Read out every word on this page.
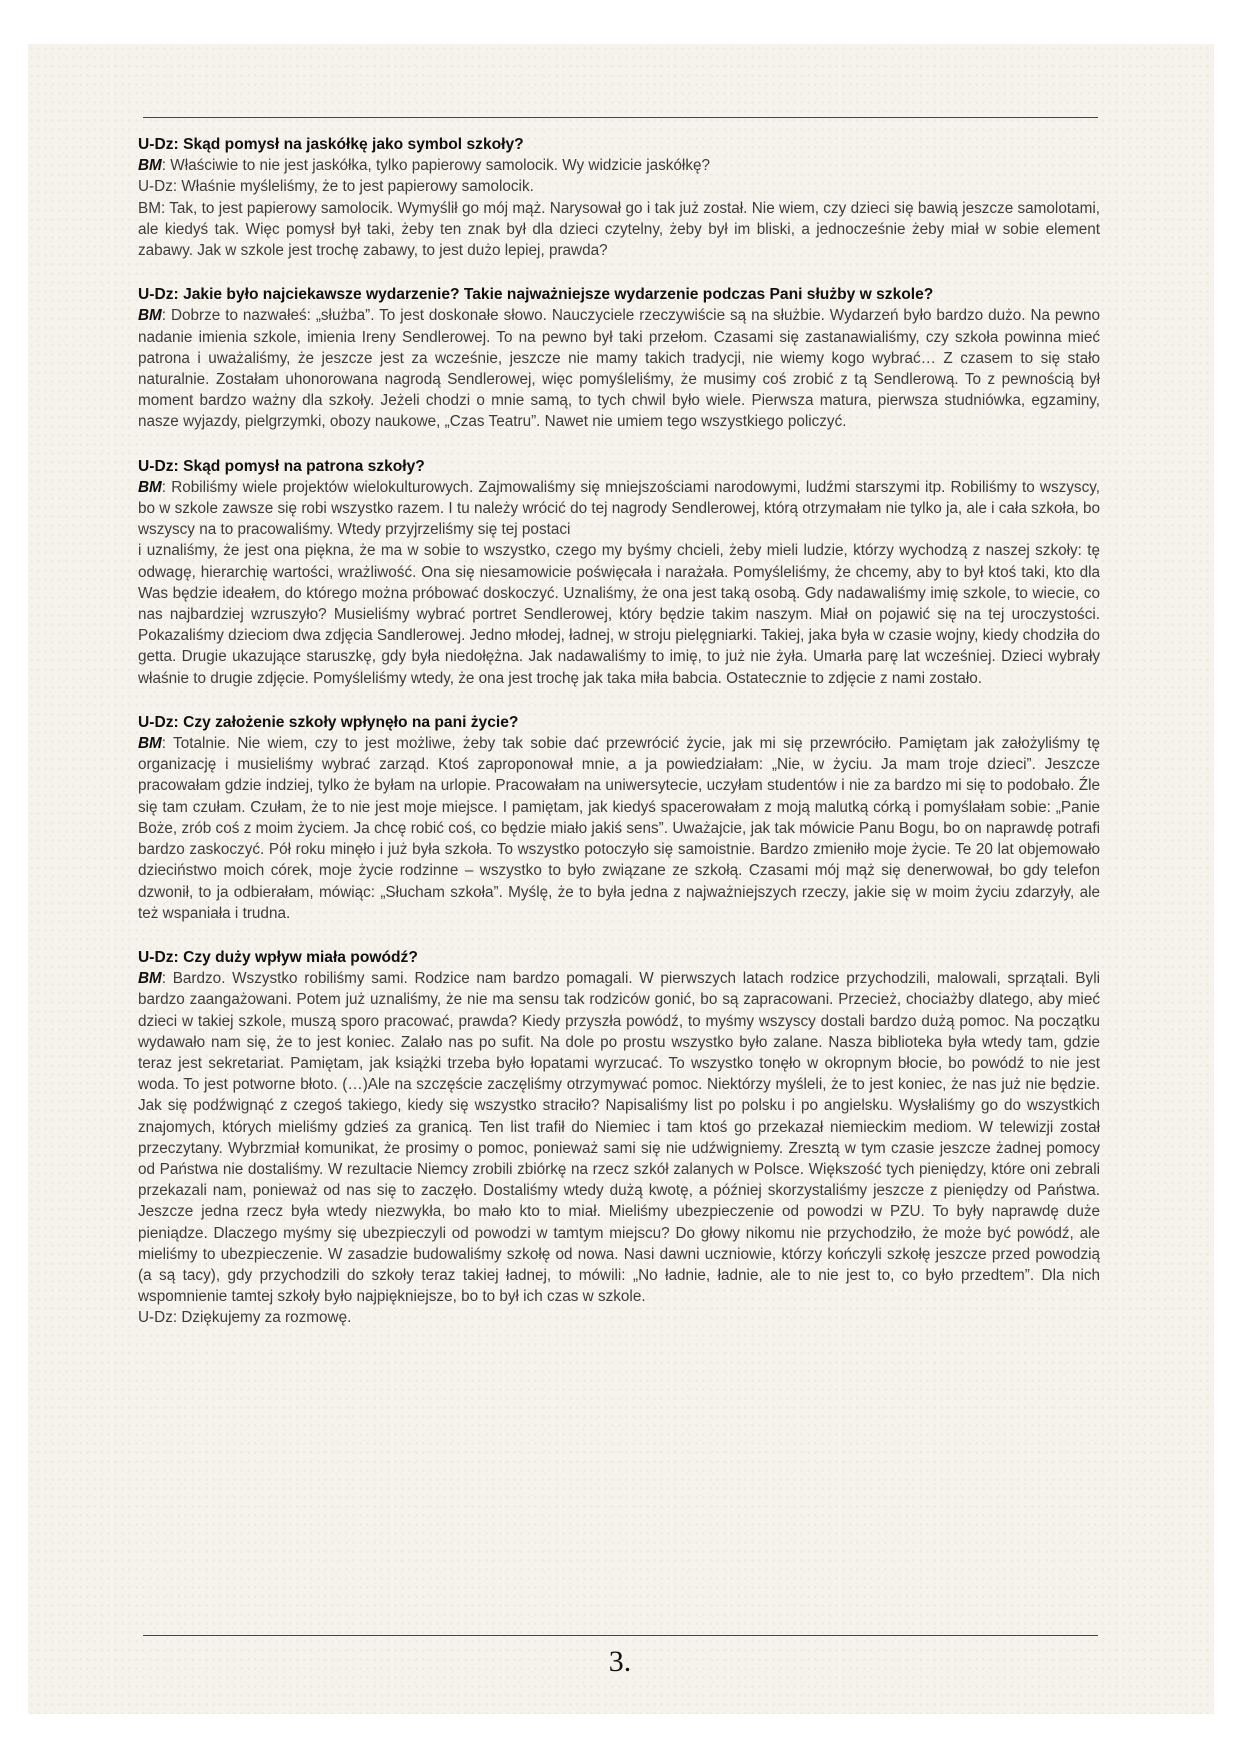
U-Dz: Skąd pomysł na jaskółkę jako symbol szkoły?

BM: Właściwie to nie jest jaskółka, tylko papierowy samolocik. Wy widzicie jaskółkę?

U-Dz: Właśnie myśleliśmy, że to jest papierowy samolocik.

BM: Tak, to jest papierowy samolocik. Wymyślił go mój mąż. Narysował go i tak już został. Nie wiem, czy dzieci się bawią jeszcze samolotami, ale kiedyś tak. Więc pomysł był taki, żeby ten znak był dla dzieci czytelny, żeby był im bliski, a jednocześnie żeby miał w sobie element zabawy. Jak w szkole jest trochę zabawy, to jest dużo lepiej, prawda?

U-Dz: Jakie było najciekawsze wydarzenie? Takie najważniejsze wydarzenie podczas Pani służby w szkole?

BM: Dobrze to nazwałeś: „służba”. To jest doskonałe słowo. Nauczyciele rzeczywiście są na służbie. Wydarzeń było bardzo dużo. Na pewno nadanie imienia szkole, imienia Ireny Sendlerowej. To na pewno był taki przełom. Czasami się zastanawialiśmy, czy szkoła powinna mieć patrona i uważaliśmy, że jeszcze jest za wcześnie, jeszcze nie mamy takich tradycji, nie wiemy kogo wybrać… Z czasem to się stało naturalnie. Zostałam uhonorowana nagrodą Sendlerowej, więc pomyśleliśmy, że musimy coś zrobić z tą Sendlerową. To z pewnością był moment bardzo ważny dla szkoły. Jeżeli chodzi o mnie samą, to tych chwil było wiele. Pierwsza matura, pierwsza studniówka, egzaminy, nasze wyjazdy, pielgrzymki, obozy naukowe, „Czas Teatru”. Nawet nie umiem tego wszystkiego policzyć.

U-Dz: Skąd pomysł na patrona szkoły?

BM: Robiliśmy wiele projektów wielokulturowych. Zajmowaliśmy się mniejszościami narodowymi, ludźmi starszymi itp. Robiliśmy to wszyscy, bo w szkole zawsze się robi wszystko razem. I tu należy wrócić do tej nagrody Sendlerowej, którą otrzymałam nie tylko ja, ale i cała szkoła, bo wszyscy na to pracowaliśmy. Wtedy przyjrzeliśmy się tej postaci

i uznaliśmy, że jest ona piękna, że ma w sobie to wszystko, czego my byśmy chcieli, żeby mieli ludzie, którzy wychodzą z naszej szkoły: tę odwagę, hierarchię wartości, wrażliwość. Ona się niesamowicie poświęcała i narażała. Pomyśleliśmy, że chcemy, aby to był ktoś taki, kto dla Was będzie ideałem, do którego można próbować doskoczyć. Uznaliśmy, że ona jest taką osobą. Gdy nadawaliśmy imię szkole, to wiecie, co nas najbardziej wzruszyło? Musieliśmy wybrać portret Sendlerowej, który będzie takim naszym. Miał on pojawić się na tej uroczystości. Pokazaliśmy dzieciom dwa zdjęcia Sandlerowej. Jedno młodej, ładnej, w stroju pielęgniarki. Takiej, jaka była w czasie wojny, kiedy chodziła do getta. Drugie ukazujące staruszkę, gdy była niedołężna. Jak nadawaliśmy to imię, to już nie żyła. Umarła parę lat wcześniej. Dzieci wybrały właśnie to drugie zdjęcie. Pomyśleliśmy wtedy, że ona jest trochę jak taka miła babcia. Ostatecznie to zdjęcie z nami zostało.

U-Dz: Czy założenie szkoły wpłynęło na pani życie?

BM: Totalnie. Nie wiem, czy to jest możliwe, żeby tak sobie dać przewrócić życie, jak mi się przewróciło. Pamiętam jak założyliśmy tę organizację i musieliśmy wybrać zarząd. Ktoś zaproponował mnie, a ja powiedziałam: „Nie, w życiu. Ja mam troje dzieci”. Jeszcze pracowałam gdzie indziej, tylko że byłam na urlopie. Pracowałam na uniwersytecie, uczyłam studentów i nie za bardzo mi się to podobało. Źle się tam czułam. Czułam, że to nie jest moje miejsce. I pamiętam, jak kiedyś spacerowałam z moją malutką córką i pomyślałam sobie: „Panie Boże, zrób coś z moim życiem. Ja chcę robić coś, co będzie miało jakiś sens”. Uważajcie, jak tak mówicie Panu Bogu, bo on naprawdę potrafi bardzo zaskoczyć. Pół roku minęło i już była szkoła. To wszystko potoczyło się samoistnie. Bardzo zmieniło moje życie. Te 20 lat objemowało dzieciństwo moich córek, moje życie rodzinne – wszystko to było związane ze szkołą. Czasami mój mąż się denerwował, bo gdy telefon dzwonił, to ja odbierałam, mówiąc: „Słucham szkoła”. Myślę, że to była jedna z najważniejszych rzeczy, jakie się w moim życiu zdarzyły, ale też wspaniała i trudna.

U-Dz: Czy duży wpływ miała powódź?

BM: Bardzo. Wszystko robiliśmy sami. Rodzice nam bardzo pomagali. W pierwszych latach rodzice przychodzili, malowali, sprzątali. Byli bardzo zaangażowani. Potem już uznaliśmy, że nie ma sensu tak rodziców gonić, bo są zapracowani. Przecież, chociażby dlatego, aby mieć dzieci w takiej szkole, muszą sporo pracować, prawda? Kiedy przyszła powódź, to myśmy wszyscy dostali bardzo dużą pomoc. Na początku wydawało nam się, że to jest koniec. Zalało nas po sufit. Na dole po prostu wszystko było zalane. Nasza biblioteka była wtedy tam, gdzie teraz jest sekretariat. Pamiętam, jak książki trzeba było łopatami wyrzucać. To wszystko tonęło w okropnym błocie, bo powódź to nie jest woda. To jest potworne błoto. (…)Ale na szczęście zaczęliśmy otrzymywać pomoc. Niektórzy myśleli, że to jest koniec, że nas już nie będzie. Jak się podźwignąć z czegoś takiego, kiedy się wszystko straciło? Napisaliśmy list po polsku i po angielsku. Wysłaliśmy go do wszystkich znajomych, których mieliśmy gdzieś za granicą. Ten list trafił do Niemiec i tam ktoś go przekazał niemieckim mediom. W telewizji został przeczytany. Wybrzmiał komunikat, że prosimy o pomoc, ponieważ sami się nie udźwigniemy. Zresztą w tym czasie jeszcze żadnej pomocy od Państwa nie dostaliśmy. W rezultacie Niemcy zrobili zbiórkę na rzecz szkół zalanych w Polsce. Większość tych pieniędzy, które oni zebrali przekazali nam, ponieważ od nas się to zaczęło. Dostaliśmy wtedy dużą kwotę, a później skorzystaliśmy jeszcze z pieniędzy od Państwa. Jeszcze jedna rzecz była wtedy niezwykła, bo mało kto to miał. Mieliśmy ubezpieczenie od powodzi w PZU. To były naprawdę duże pieniądze. Dlaczego myśmy się ubezpieczyli od powodzi w tamtym miejscu? Do głowy nikomu nie przychodziło, że może być powódź, ale mieliśmy to ubezpieczenie. W zasadzie budowaliśmy szkołę od nowa. Nasi dawni uczniowie, którzy kończyli szkołę jeszcze przed powodzią (a są tacy), gdy przychodzili do szkoły teraz takiej ładnej, to mówili: „No ładnie, ładnie, ale to nie jest to, co było przedtem”. Dla nich wspomnienie tamtej szkoły było najpiękniejsze, bo to był ich czas w szkole.

U-Dz: Dziękujemy za rozmowę.

3.
